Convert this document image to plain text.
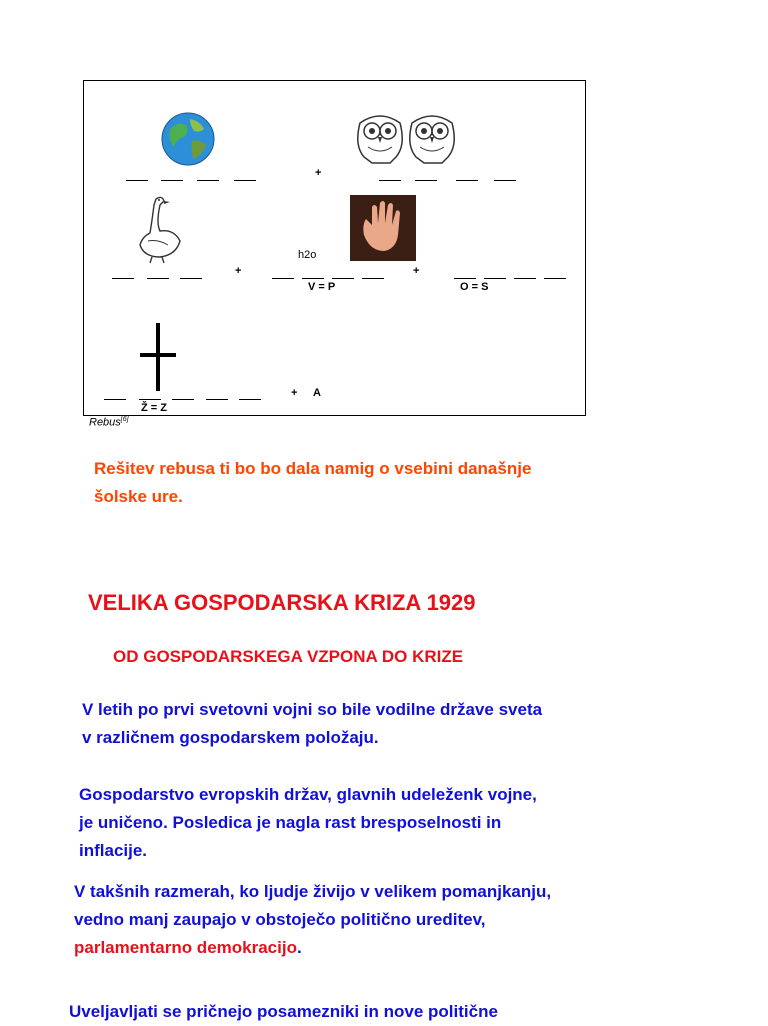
+
h2o
+
V = P
+
O = S
Ž = Z
+ A
Rebus[6]
Rešitev rebusa ti bo bo dala namig o vsebini današnje
šolske ure.
VELIKA GOSPODARSKA KRIZA 1929
OD GOSPODARSKEGA VZPONA DO KRIZE
V letih po prvi svetovni vojni so bile vodilne države sveta
v različnem gospodarskem položaju.
Gospodarstvo evropskih držav, glavnih udeleženk vojne,
je uničeno. Posledica je nagla rast bresposelnosti in
inflacije.
V takšnih razmerah, ko ljudje živijo v velikem pomanjkanju,
vedno manj zaupajo v obstoječo politično ureditev,
parlamentarno demokracijo.
Uveljavljati se pričnejo posamezniki in nove politične
